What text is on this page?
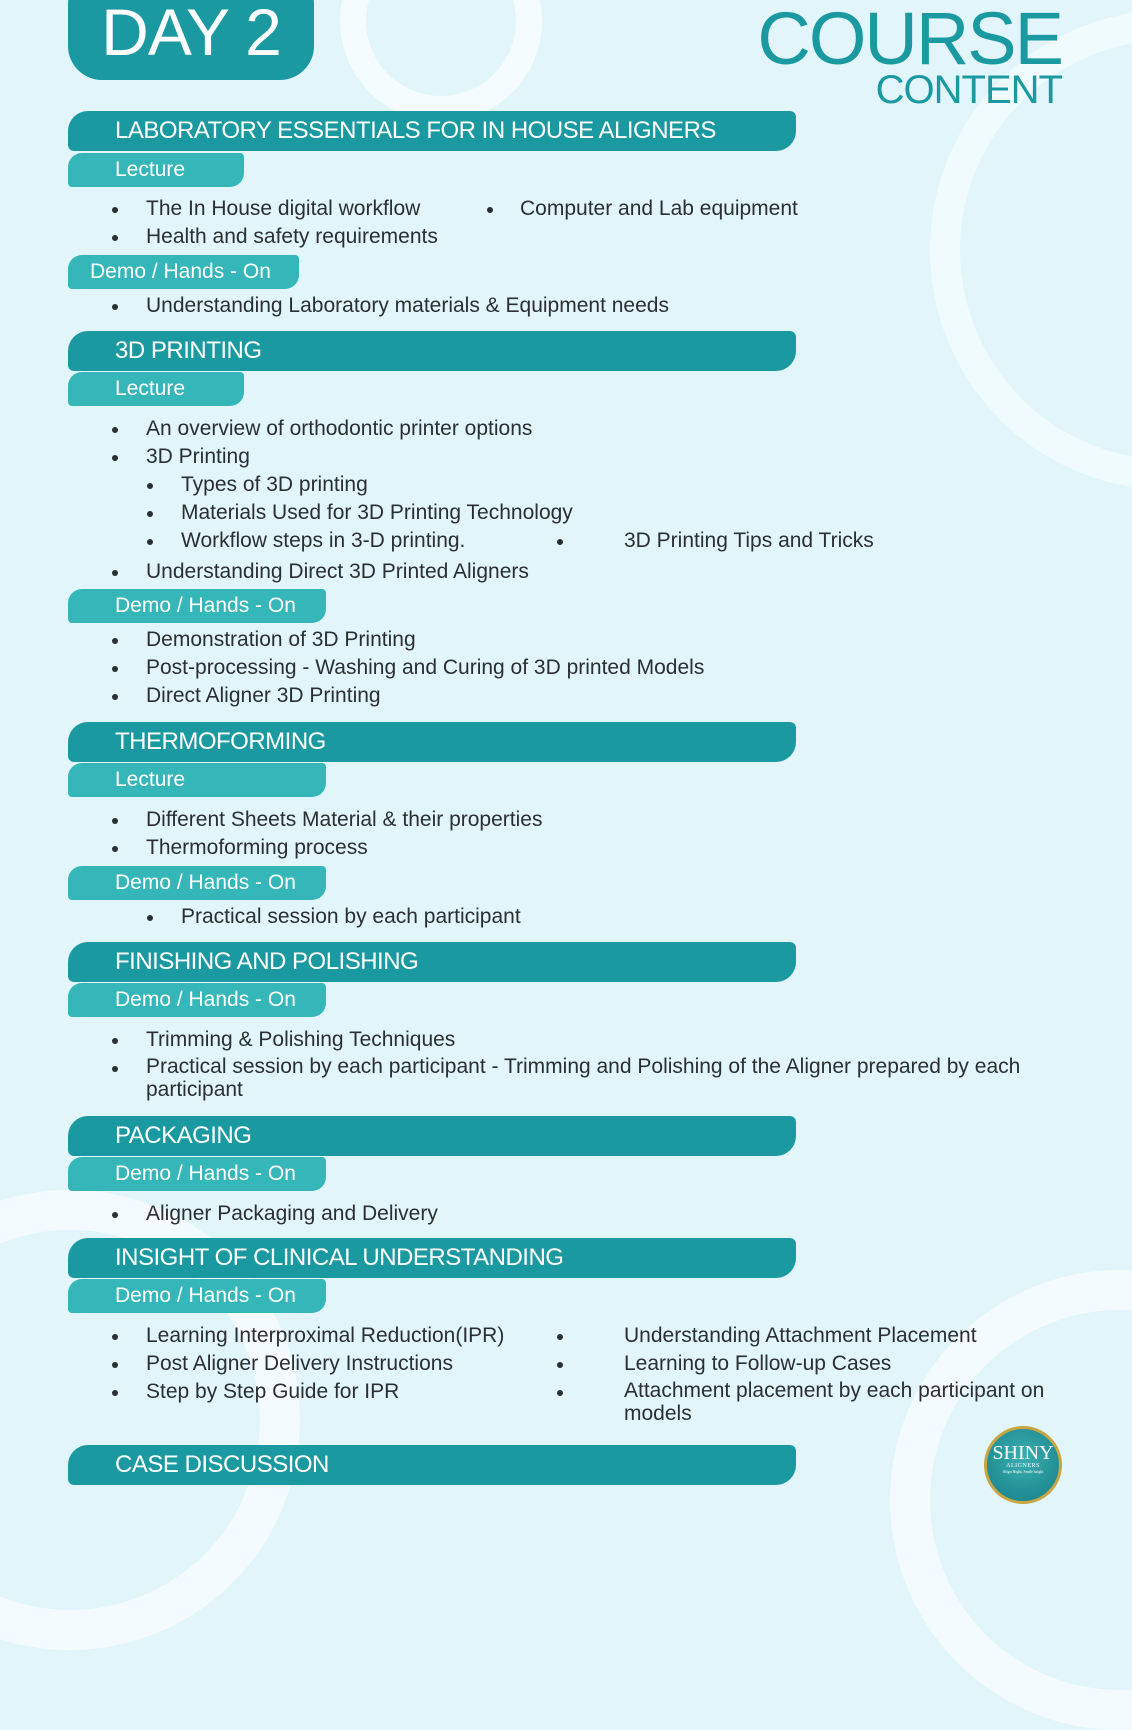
DAY 2	COURSE
CONTENT
LABORATORY ESSENTIALS FOR IN HOUSE ALIGNERS
Lecture
The In House digital workflow	Computer and Lab equipment
Health and safety requirements
Demo / Hands - On
Understanding Laboratory materials & Equipment needs
3D PRINTING
Lecture
An overview of orthodontic printer options
3D Printing
Types of 3D printing
Materials Used for 3D Printing Technology
Workflow steps in 3-D printing.	3D Printing Tips and Tricks
Understanding Direct 3D Printed Aligners
Demo / Hands - On
Demonstration of 3D Printing
Post-processing - Washing and Curing of 3D printed Models
Direct Aligner 3D Printing
THERMOFORMING
Lecture
Different Sheets Material & their properties
Thermoforming process
Demo / Hands - On
Practical session by each participant
FINISHING AND POLISHING
Demo / Hands - On
Trimming & Polishing Techniques
Practical session by each participant - Trimming and Polishing of the Aligner prepared by each participant
PACKAGING
Demo / Hands - On
Aligner Packaging and Delivery
INSIGHT OF CLINICAL UNDERSTANDING
Demo / Hands - On
Learning Interproximal Reduction(IPR)
Post Aligner Delivery Instructions
Step by Step Guide for IPR
Understanding Attachment Placement
Learning to Follow-up Cases
Attachment placement by each participant on models
CASE DISCUSSION	SHINY
ALIGNERS
Align Right, Smile bright
